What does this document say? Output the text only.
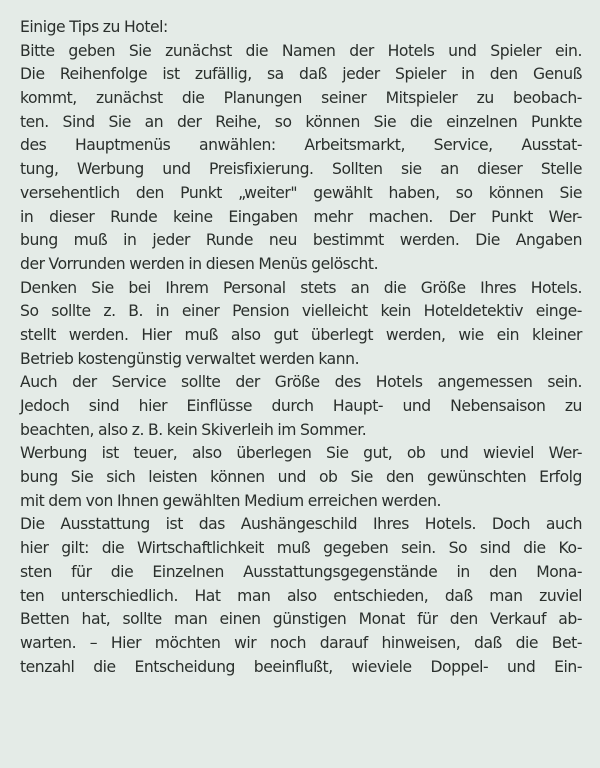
Einige Tips zu Hotel:
Bitte geben Sie zunächst die Namen der Hotels und Spieler ein.
Die Reihenfolge ist zufällig, sa daß jeder Spieler in den Genuß
kommt, zunächst die Planungen seiner Mitspieler zu beobach-
ten. Sind Sie an der Reihe, so können Sie die einzelnen Punkte
des Hauptmenüs anwählen: Arbeitsmarkt, Service, Ausstat-
tung, Werbung und Preisfixierung. Sollten sie an dieser Stelle
versehentlich den Punkt „weiter" gewählt haben, so können Sie
in dieser Runde keine Eingaben mehr machen. Der Punkt Wer-
bung muß in jeder Runde neu bestimmt werden. Die Angaben
der Vorrunden werden in diesen Menüs gelöscht.
Denken Sie bei Ihrem Personal stets an die Größe Ihres Hotels.
So sollte z. B. in einer Pension vielleicht kein Hoteldetektiv einge-
stellt werden. Hier muß also gut überlegt werden, wie ein kleiner
Betrieb kostengünstig verwaltet werden kann.
Auch der Service sollte der Größe des Hotels angemessen sein.
Jedoch sind hier Einflüsse durch Haupt- und Nebensaison zu
beachten, also z. B. kein Skiverleih im Sommer.
Werbung ist teuer, also überlegen Sie gut, ob und wieviel Wer-
bung Sie sich leisten können und ob Sie den gewünschten Erfolg
mit dem von Ihnen gewählten Medium erreichen werden.
Die Ausstattung ist das Aushängeschild Ihres Hotels. Doch auch
hier gilt: die Wirtschaftlichkeit muß gegeben sein. So sind die Ko-
sten für die Einzelnen Ausstattungsgegenstände in den Mona-
ten unterschiedlich. Hat man also entschieden, daß man zuviel
Betten hat, sollte man einen günstigen Monat für den Verkauf ab-
warten. – Hier möchten wir noch darauf hinweisen, daß die Bet-
tenzahl die Entscheidung beeinflußt, wieviele Doppel- und Ein-
